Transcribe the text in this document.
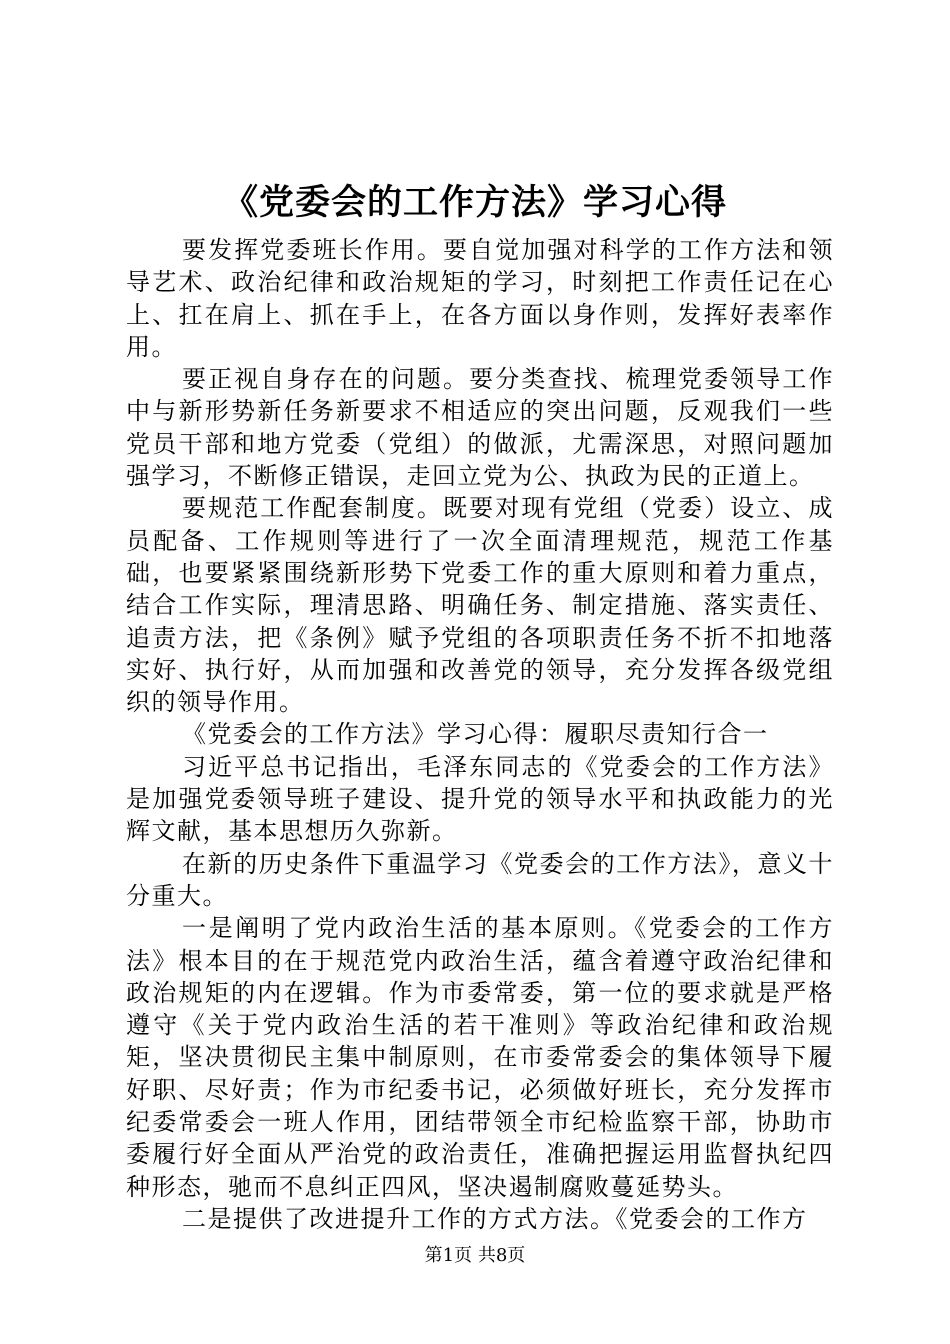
《党委会的工作方法》学习心得

要发挥党委班长作用。要自觉加强对科学的工作方法和领导艺术、政治纪律和政治规矩的学习，时刻把工作责任记在心上、扛在肩上、抓在手上，在各方面以身作则，发挥好表率作用。

要正视自身存在的问题。要分类查找、梳理党委领导工作中与新形势新任务新要求不相适应的突出问题，反观我们一些党员干部和地方党委（党组）的做派，尤需深思，对照问题加强学习，不断修正错误，走回立党为公、执政为民的正道上。

要规范工作配套制度。既要对现有党组（党委）设立、成员配备、工作规则等进行了一次全面清理规范，规范工作基础，也要紧紧围绕新形势下党委工作的重大原则和着力重点，结合工作实际，理清思路、明确任务、制定措施、落实责任、追责方法，把《条例》赋予党组的各项职责任务不折不扣地落实好、执行好，从而加强和改善党的领导，充分发挥各级党组织的领导作用。

《党委会的工作方法》学习心得：履职尽责知行合一

习近平总书记指出，毛泽东同志的《党委会的工作方法》是加强党委领导班子建设、提升党的领导水平和执政能力的光辉文献，基本思想历久弥新。

在新的历史条件下重温学习《党委会的工作方法》，意义十分重大。

一是阐明了党内政治生活的基本原则。《党委会的工作方法》根本目的在于规范党内政治生活，蕴含着遵守政治纪律和政治规矩的内在逻辑。作为市委常委，第一位的要求就是严格遵守《关于党内政治生活的若干准则》等政治纪律和政治规矩，坚决贯彻民主集中制原则，在市委常委会的集体领导下履好职、尽好责；作为市纪委书记，必须做好班长，充分发挥市纪委常委会一班人作用，团结带领全市纪检监察干部，协助市委履行好全面从严治党的政治责任，准确把握运用监督执纪四种形态，驰而不息纠正四风，坚决遏制腐败蔓延势头。

二是提供了改进提升工作的方式方法。《党委会的工作方

第1页 共8页
